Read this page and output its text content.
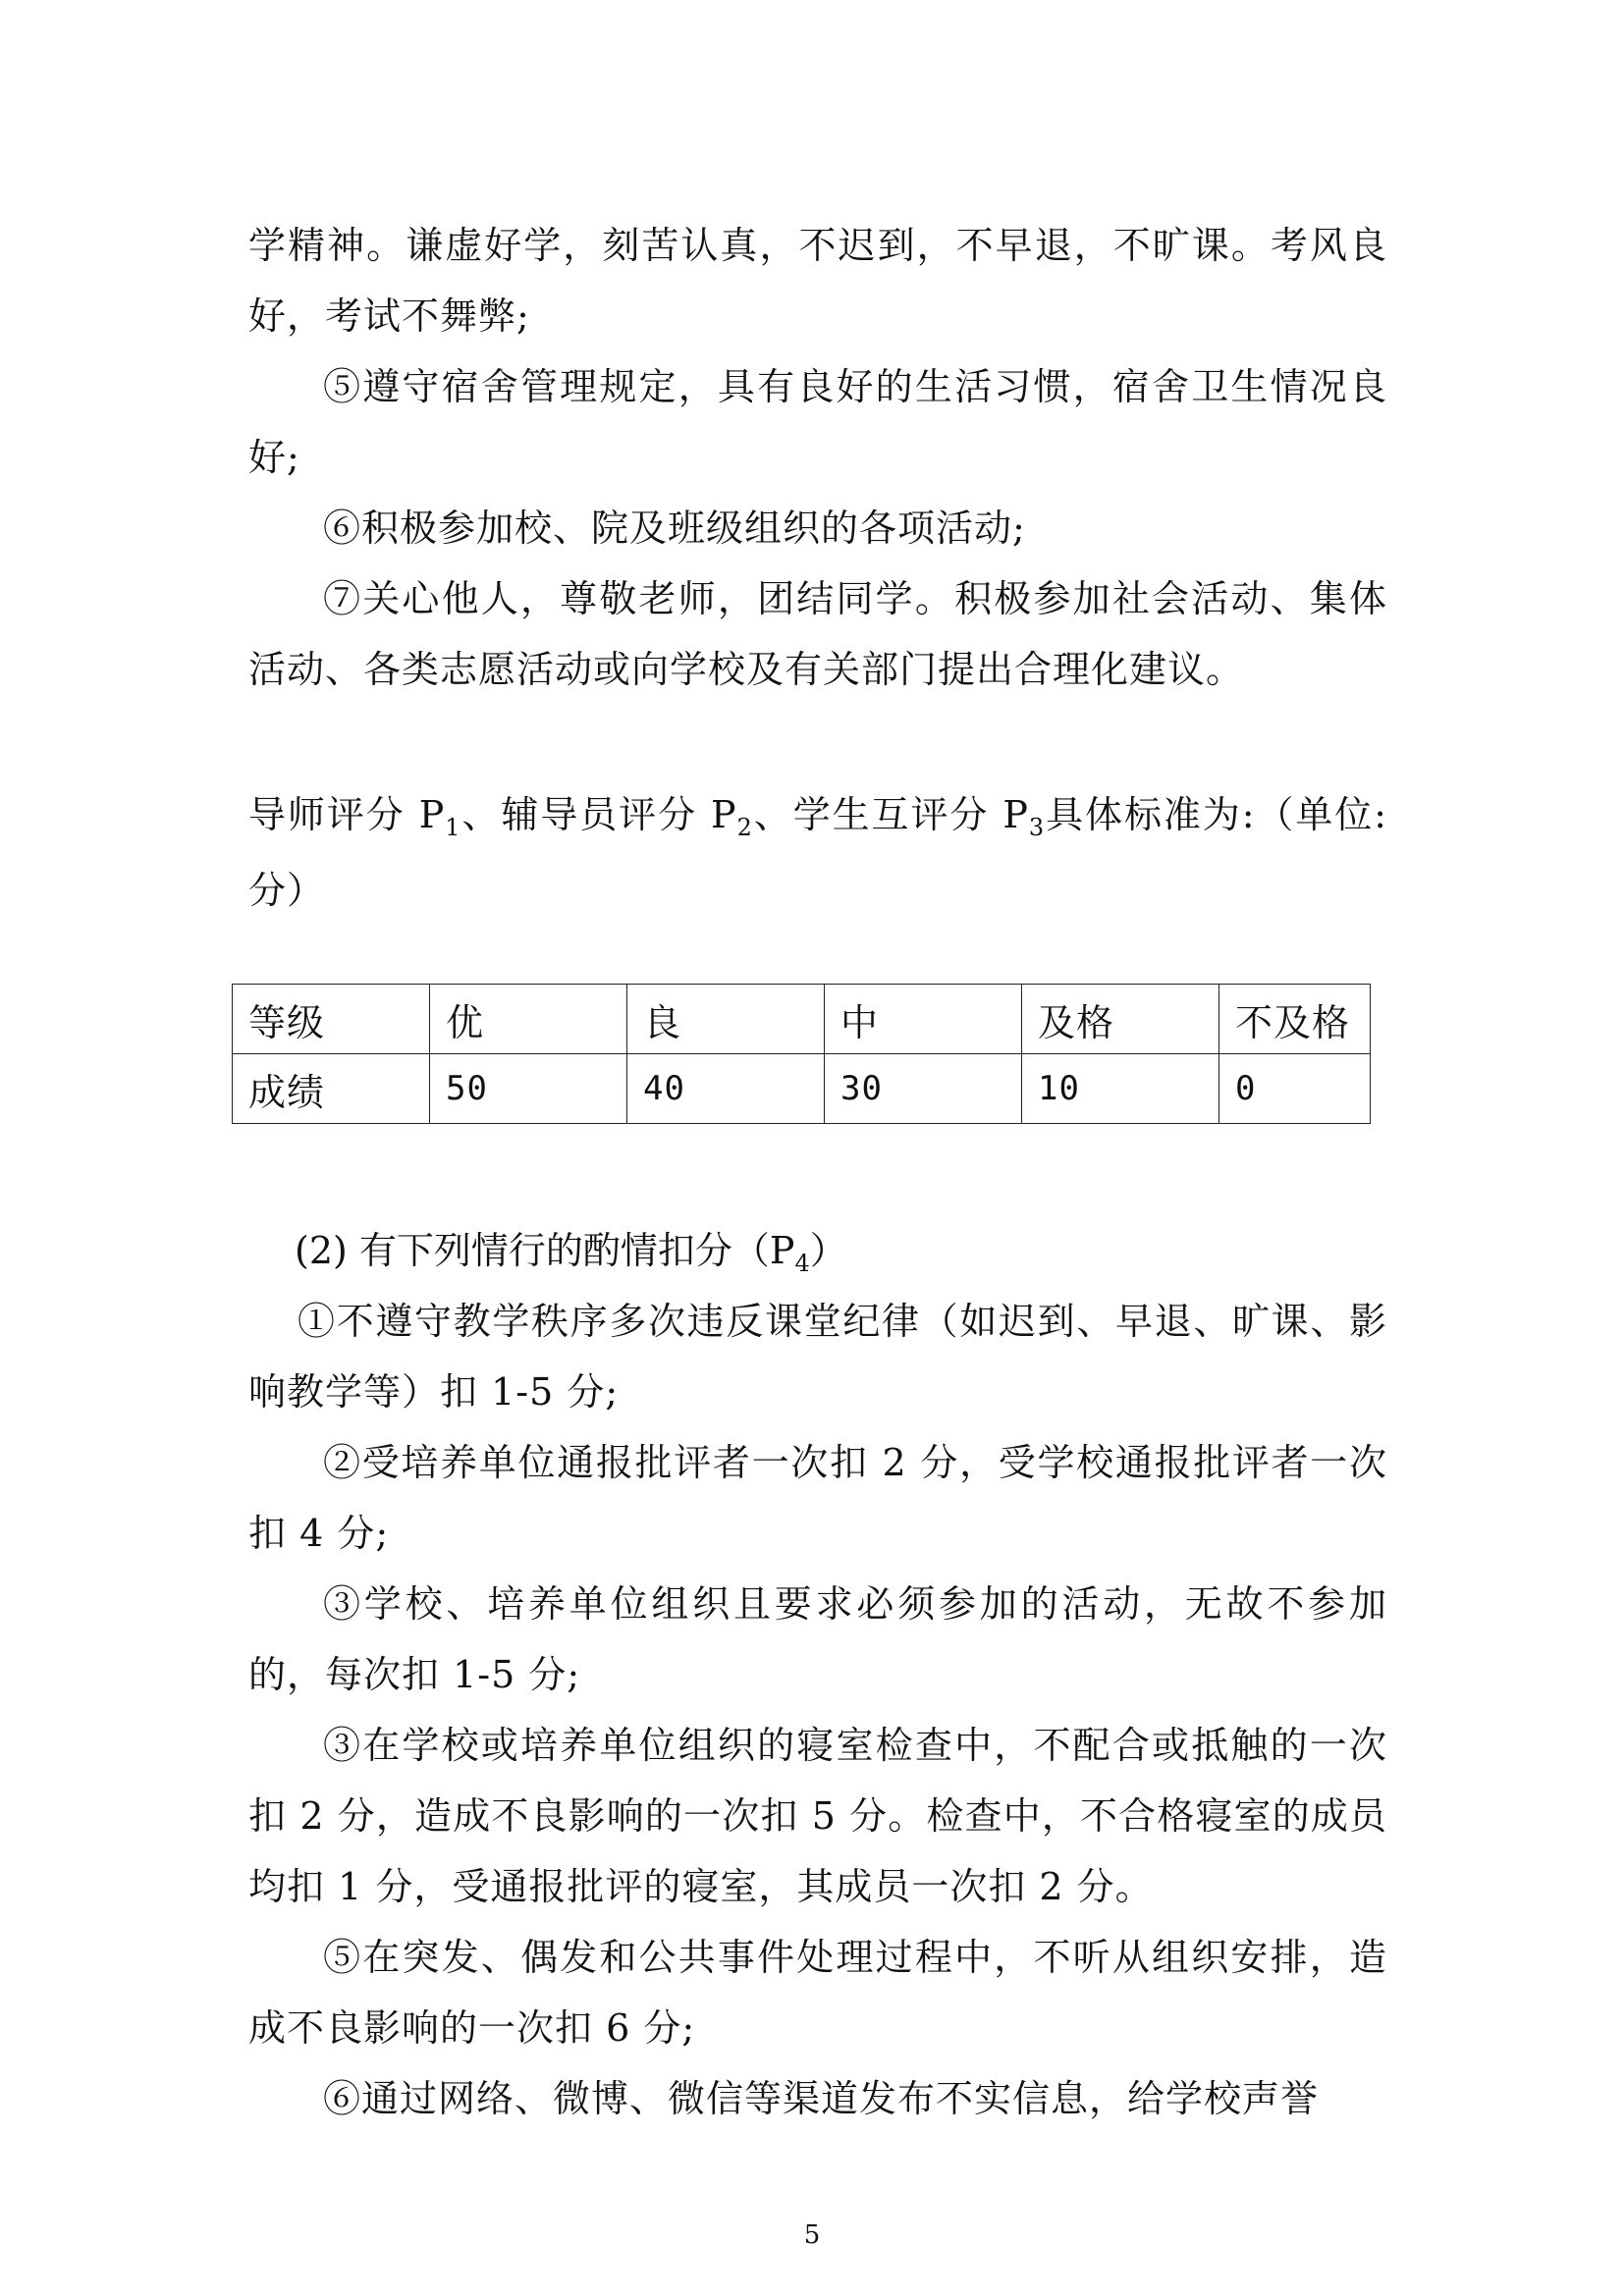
学精神。谦虚好学，刻苦认真，不迟到，不早退，不旷课。考风良好，考试不舞弊;

⑤遵守宿舍管理规定，具有良好的生活习惯，宿舍卫生情况良好;

⑥积极参加校、院及班级组织的各项活动;

⑦关心他人，尊敬老师，团结同学。积极参加社会活动、集体活动、各类志愿活动或向学校及有关部门提出合理化建议。

导师评分 $P_1$、辅导员评分 $P_2$、学生互评分 $P_3$具体标准为:（单位:分）

等级	优	良	中	及格	不及格
成绩	50	40	30	10	0

(2) 有下列情行的酌情扣分$(P_4)$

①不遵守教学秩序多次违反课堂纪律（如迟到、早退、旷课、影响教学等）扣 1-5 分;

②受培养单位通报批评者一次扣 2 分，受学校通报批评者一次扣 4 分;

③学校、培养单位组织且要求必须参加的活动，无故不参加的，每次扣 1-5 分;

③在学校或培养单位组织的寝室检查中，不配合或抵触的一次扣 2 分，造成不良影响的一次扣 5 分。检查中，不合格寝室的成员均扣 1 分，受通报批评的寝室，其成员一次扣 2 分。

⑤在突发、偶发和公共事件处理过程中，不听从组织安排，造成不良影响的一次扣 6 分;

⑥通过网络、微博、微信等渠道发布不实信息，给学校声誉

5
